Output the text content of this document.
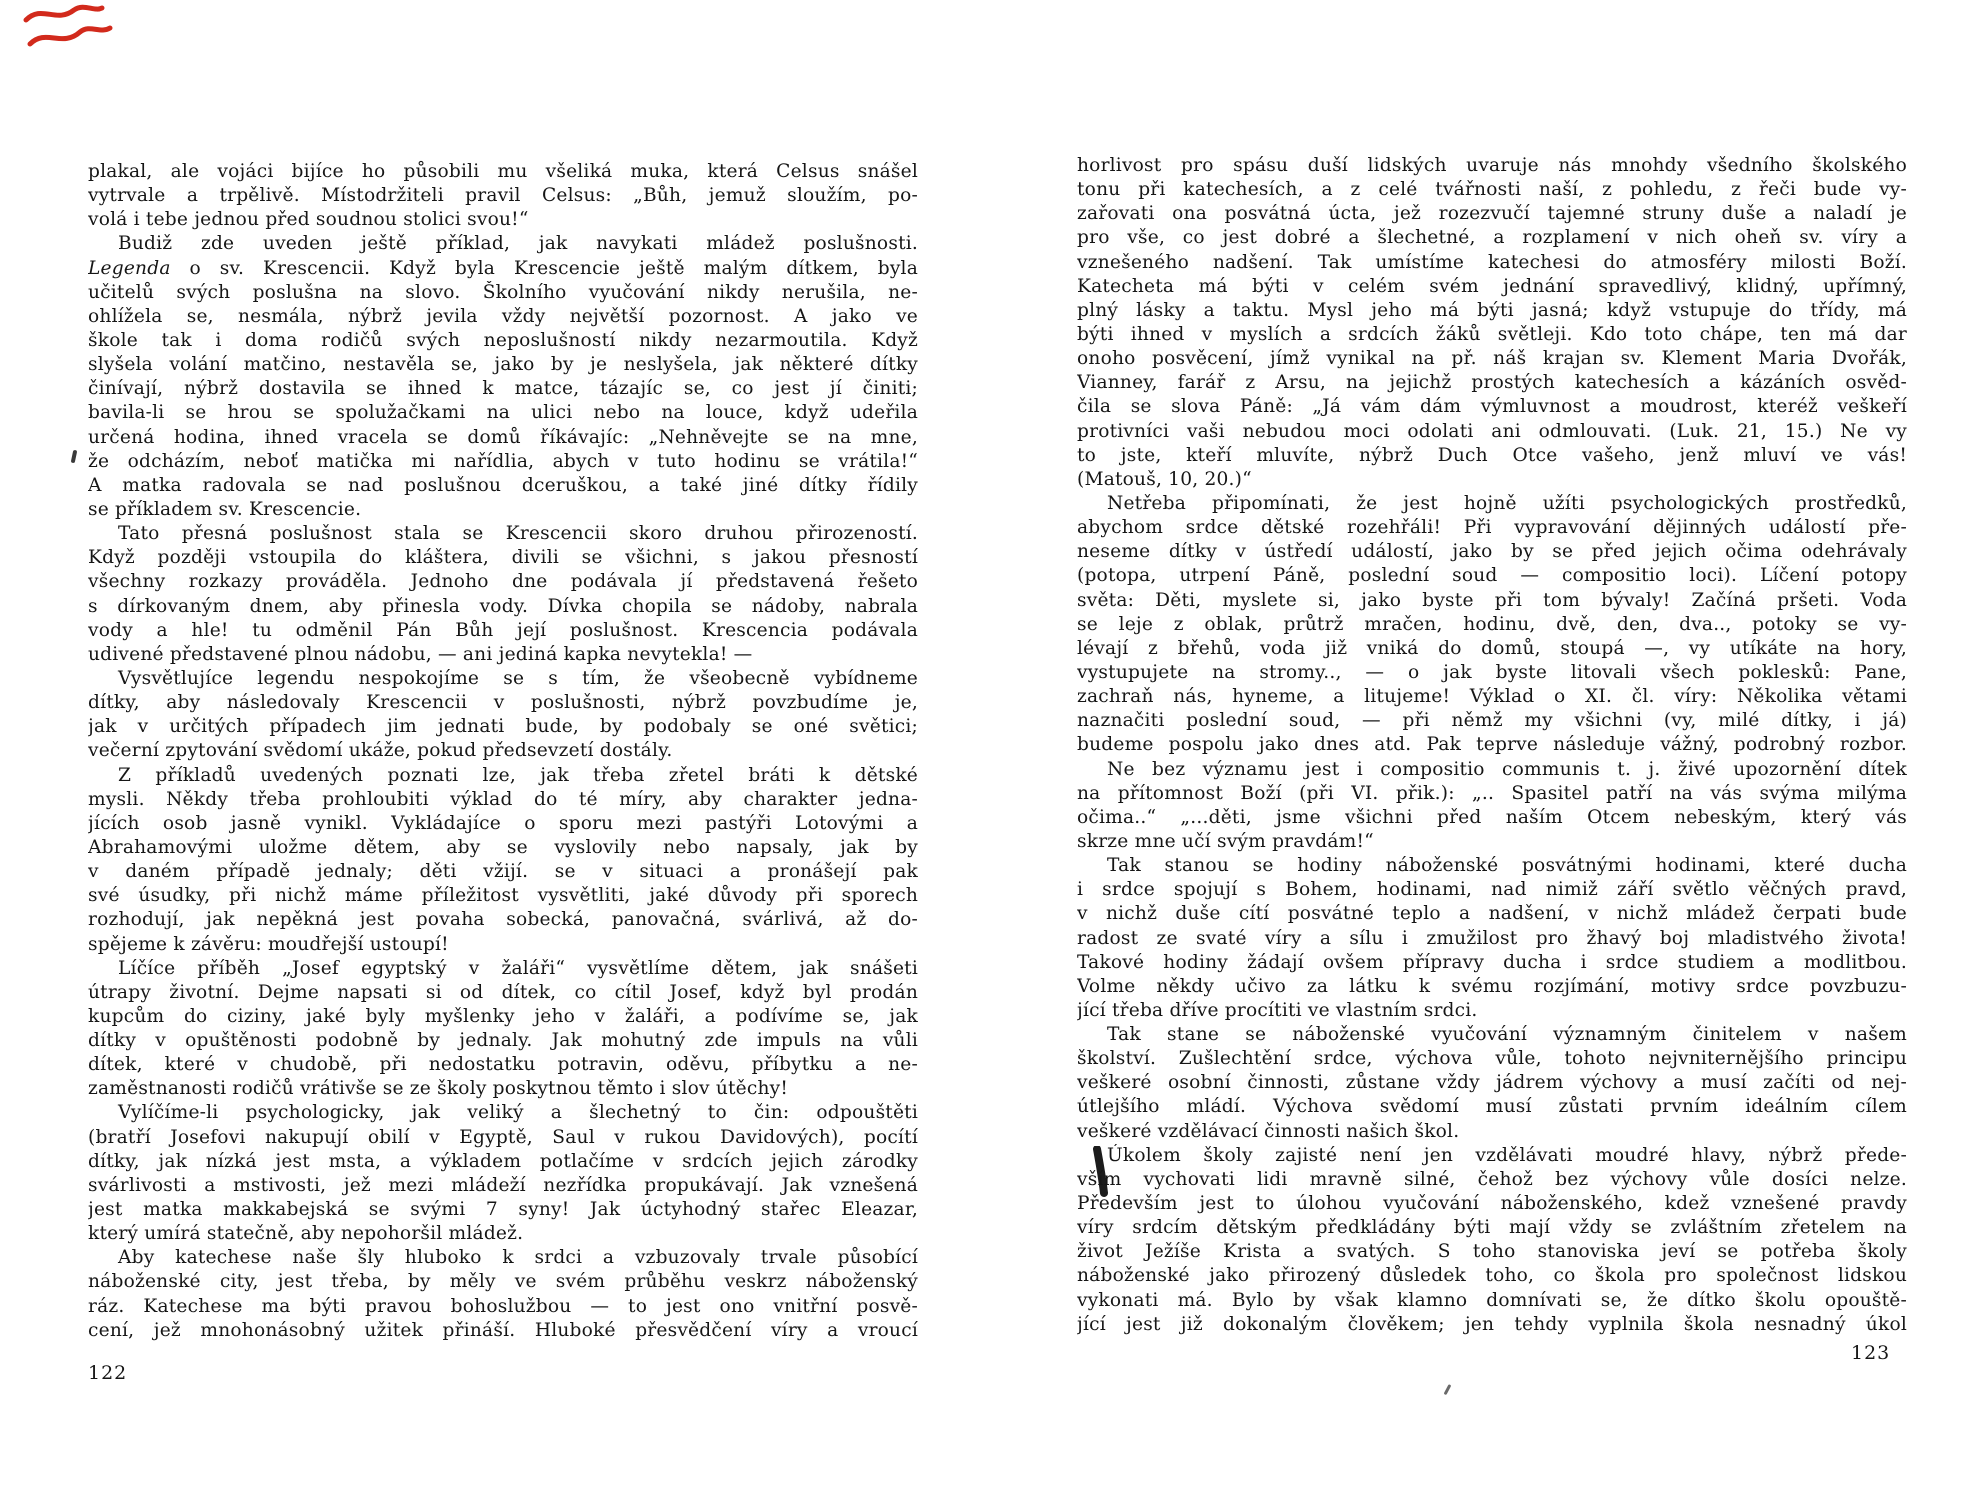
plakal, ale vojáci bijíce ho působili mu všeliká muka, která Celsus snášel
vytrvale a trpělivě. Místodržiteli pravil Celsus: „Bůh, jemuž sloužím, po-
volá i tebe jednou před soudnou stolici svou!“
Budiž zde uveden ještě příklad, jak navykati mládež poslušnosti.
Legenda o sv. Krescencii. Když byla Krescencie ještě malým dítkem, byla
učitelů svých poslušna na slovo. Školního vyučování nikdy nerušila, ne-
ohlížela se, nesmála, nýbrž jevila vždy největší pozornost. A jako ve
škole tak i doma rodičů svých neposlušností nikdy nezarmoutila. Když
slyšela volání matčino, nestavěla se, jako by je neslyšela, jak některé dítky
činívají, nýbrž dostavila se ihned k matce, tázajíc se, co jest jí činiti;
bavila-li se hrou se spolužačkami na ulici nebo na louce, když udeřila
určená hodina, ihned vracela se domů říkávajíc: „Nehněvejte se na mne,
že odcházím, neboť matička mi nařídlia, abych v tuto hodinu se vrátila!“
A matka radovala se nad poslušnou dceruškou, a také jiné dítky řídily
se příkladem sv. Krescencie.
Tato přesná poslušnost stala se Krescencii skoro druhou přirozeností.
Když později vstoupila do kláštera, divili se všichni, s jakou přesností
všechny rozkazy prováděla. Jednoho dne podávala jí představená řešeto
s dírkovaným dnem, aby přinesla vody. Dívka chopila se nádoby, nabrala
vody a hle! tu odměnil Pán Bůh její poslušnost. Krescencia podávala
udivené představené plnou nádobu, — ani jediná kapka nevytekla! —
Vysvětlujíce legendu nespokojíme se s tím, že všeobecně vybídneme
dítky, aby následovaly Krescencii v poslušnosti, nýbrž povzbudíme je,
jak v určitých případech jim jednati bude, by podobaly se oné světici;
večerní zpytování svědomí ukáže, pokud předsevzetí dostály.
Z příkladů uvedených poznati lze, jak třeba zřetel bráti k dětské
mysli. Někdy třeba prohloubiti výklad do té míry, aby charakter jedna-
jících osob jasně vynikl. Vykládajíce o sporu mezi pastýři Lotovými a
Abrahamovými uložme dětem, aby se vyslovily nebo napsaly, jak by
v daném případě jednaly; děti vžijí. se v situaci a pronášejí pak
své úsudky, při nichž máme příležitost vysvětliti, jaké důvody při sporech
rozhodují, jak nepěkná jest povaha sobecká, panovačná, svárlivá, až do-
spějeme k závěru: moudřejší ustoupí!
Líčíce příběh „Josef egyptský v žaláři“ vysvětlíme dětem, jak snášeti
útrapy životní. Dejme napsati si od dítek, co cítil Josef, když byl prodán
kupcům do ciziny, jaké byly myšlenky jeho v žaláři, a podívíme se, jak
dítky v opuštěnosti podobně by jednaly. Jak mohutný zde impuls na vůli
dítek, které v chudobě, při nedostatku potravin, oděvu, příbytku a ne-
zaměstnanosti rodičů vrátivše se ze školy poskytnou těmto i slov útěchy!
Vylíčíme-li psychologicky, jak veliký a šlechetný to čin: odpouštěti
(bratří Josefovi nakupují obilí v Egyptě, Saul v rukou Davidových), pocítí
dítky, jak nízká jest msta, a výkladem potlačíme v srdcích jejich zárodky
svárlivosti a mstivosti, jež mezi mládeží nezřídka propukávají. Jak vznešená
jest matka makkabejská se svými 7 syny! Jak úctyhodný stařec Eleazar,
který umírá statečně, aby nepohoršil mládež.
Aby katechese naše šly hluboko k srdci a vzbuzovaly trvale působící
náboženské city, jest třeba, by měly ve svém průběhu veskrz náboženský
ráz. Katechese ma býti pravou bohoslužbou — to jest ono vnitřní posvě-
cení, jež mnohonásobný užitek přináší. Hluboké přesvědčení víry a vroucí
horlivost pro spásu duší lidských uvaruje nás mnohdy všedního školského
tonu při katechesích, a z celé tvářnosti naší, z pohledu, z řeči bude vy-
zařovati ona posvátná úcta, jež rozezvučí tajemné struny duše a naladí je
pro vše, co jest dobré a šlechetné, a rozplamení v nich oheň sv. víry a
vznešeného nadšení. Tak umístíme katechesi do atmosféry milosti Boží.
Katecheta má býti v celém svém jednání spravedlivý, klidný, upřímný,
plný lásky a taktu. Mysl jeho má býti jasná; když vstupuje do třídy, má
býti ihned v myslích a srdcích žáků světleji. Kdo toto chápe, ten má dar
onoho posvěcení, jímž vynikal na př. náš krajan sv. Klement Maria Dvořák,
Vianney, farář z Arsu, na jejichž prostých katechesích a kázáních osvěd-
čila se slova Páně: „Já vám dám výmluvnost a moudrost, kteréž veškeří
protivníci vaši nebudou moci odolati ani odmlouvati. (Luk. 21, 15.) Ne vy
to jste, kteří mluvíte, nýbrž Duch Otce vašeho, jenž mluví ve vás!
(Matouš, 10, 20.)“
Netřeba připomínati, že jest hojně užíti psychologických prostředků,
abychom srdce dětské rozehřáli! Při vypravování dějinných událostí pře-
neseme dítky v ústředí událostí, jako by se před jejich očima odehrávaly
(potopa, utrpení Páně, poslední soud — compositio loci). Líčení potopy
světa: Děti, myslete si, jako byste při tom bývaly! Začíná pršeti. Voda
se leje z oblak, průtrž mračen, hodinu, dvě, den, dva.., potoky se vy-
lévají z břehů, voda již vniká do domů, stoupá —, vy utíkáte na hory,
vystupujete na stromy.., — o jak byste litovali všech poklesků: Pane,
zachraň nás, hyneme, a litujeme! Výklad o XI. čl. víry: Několika větami
naznačiti poslední soud, — při němž my všichni (vy, milé dítky, i já)
budeme pospolu jako dnes atd. Pak teprve následuje vážný, podrobný rozbor.
Ne bez významu jest i compositio communis t. j. živé upozornění dítek
na přítomnost Boží (při VI. přik.): „.. Spasitel patří na vás svýma milýma
očima..“ „...děti, jsme všichni před naším Otcem nebeským, který vás
skrze mne učí svým pravdám!“
Tak stanou se hodiny náboženské posvátnými hodinami, které ducha
i srdce spojují s Bohem, hodinami, nad nimiž září světlo věčných pravd,
v nichž duše cítí posvátné teplo a nadšení, v nichž mládež čerpati bude
radost ze svaté víry a sílu i zmužilost pro žhavý boj mladistvého života!
Takové hodiny žádají ovšem přípravy ducha i srdce studiem a modlitbou.
Volme někdy učivo za látku k svému rozjímání, motivy srdce povzbuzu-
jící třeba dříve procítiti ve vlastním srdci.
Tak stane se náboženské vyučování významným činitelem v našem
školství. Zušlechtění srdce, výchova vůle, tohoto nejvniternějšího principu
veškeré osobní činnosti, zůstane vždy jádrem výchovy a musí začíti od nej-
útlejšího mládí. Výchova svědomí musí zůstati prvním ideálním cílem
veškeré vzdělávací činnosti našich škol.
Úkolem školy zajisté není jen vzdělávati moudré hlavy, nýbrž přede-
vším vychovati lidi mravně silné, čehož bez výchovy vůle dosíci nelze.
Především jest to úlohou vyučování náboženského, kdež vznešené pravdy
víry srdcím dětským předkládány býti mají vždy se zvláštním zřetelem na
život Ježíše Krista a svatých. S toho stanoviska jeví se potřeba školy
náboženské jako přirozený důsledek toho, co škola pro společnost lidskou
vykonati má. Bylo by však klamno domnívati se, že dítko školu opouště-
jící jest již dokonalým člověkem; jen tehdy vyplnila škola nesnadný úkol
122
123
